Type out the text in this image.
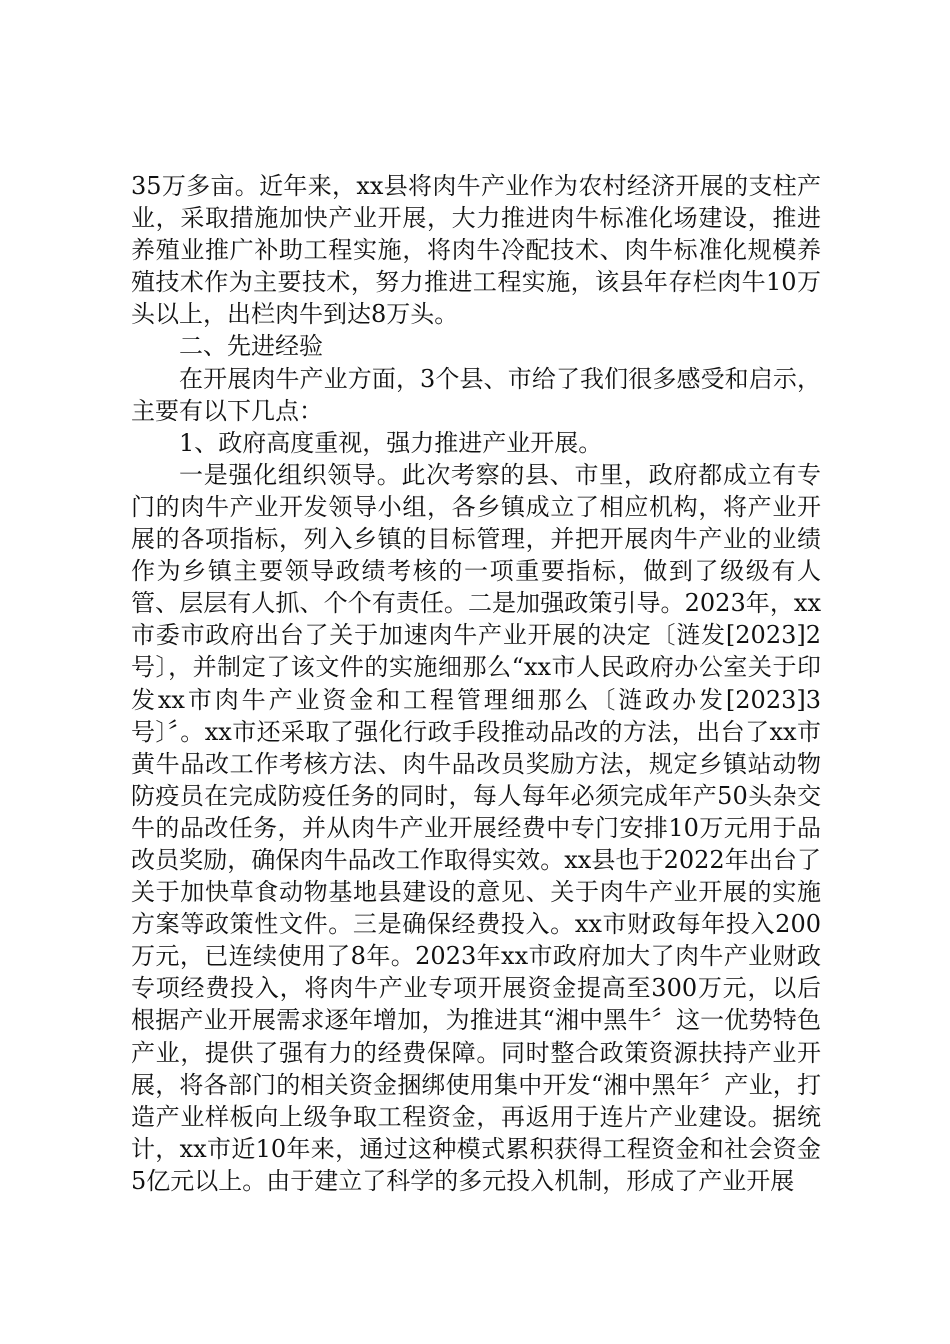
35万多亩。近年来，xx县将肉牛产业作为农村经济开展的支柱产业，采取措施加快产业开展，大力推进肉牛标准化场建设，推进养殖业推广补助工程实施，将肉牛冷配技术、肉牛标准化规模养殖技术作为主要技术，努力推进工程实施，该县年存栏肉牛10万头以上，出栏肉牛到达8万头。

二、先进经验

在开展肉牛产业方面，3个县、市给了我们很多感受和启示，主要有以下几点：

1、政府高度重视，强力推进产业开展。

一是强化组织领导。此次考察的县、市里，政府都成立有专门的肉牛产业开发领导小组，各乡镇成立了相应机构，将产业开展的各项指标，列入乡镇的目标管理，并把开展肉牛产业的业绩作为乡镇主要领导政绩考核的一项重要指标，做到了级级有人管、层层有人抓、个个有责任。二是加强政策引导。2023年，xx市委市政府出台了关于加速肉牛产业开展的决定〔涟发[2023]2号〕，并制定了该文件的实施细那么“xx市人民政府办公室关于印发xx市肉牛产业资金和工程管理细那么〔涟政办发[2023]3号〕〞。xx市还采取了强化行政手段推动品改的方法，出台了xx市黄牛品改工作考核方法、肉牛品改员奖励方法，规定乡镇站动物防疫员在完成防疫任务的同时，每人每年必须完成年产50头杂交牛的品改任务，并从肉牛产业开展经费中专门安排10万元用于品改员奖励，确保肉牛品改工作取得实效。xx县也于2022年出台了关于加快草食动物基地县建设的意见、关于肉牛产业开展的实施方案等政策性文件。三是确保经费投入。xx市财政每年投入200万元，已连续使用了8年。2023年xx市政府加大了肉牛产业财政专项经费投入，将肉牛产业专项开展资金提高至300万元，以后根据产业开展需求逐年增加，为推进其“湘中黑牛〞这一优势特色产业，提供了强有力的经费保障。同时整合政策资源扶持产业开展，将各部门的相关资金捆绑使用集中开发“湘中黑年〞产业，打造产业样板向上级争取工程资金，再返用于连片产业建设。据统计，xx市近10年来，通过这种模式累积获得工程资金和社会资金5亿元以上。由于建立了科学的多元投入机制，形成了产业开展
